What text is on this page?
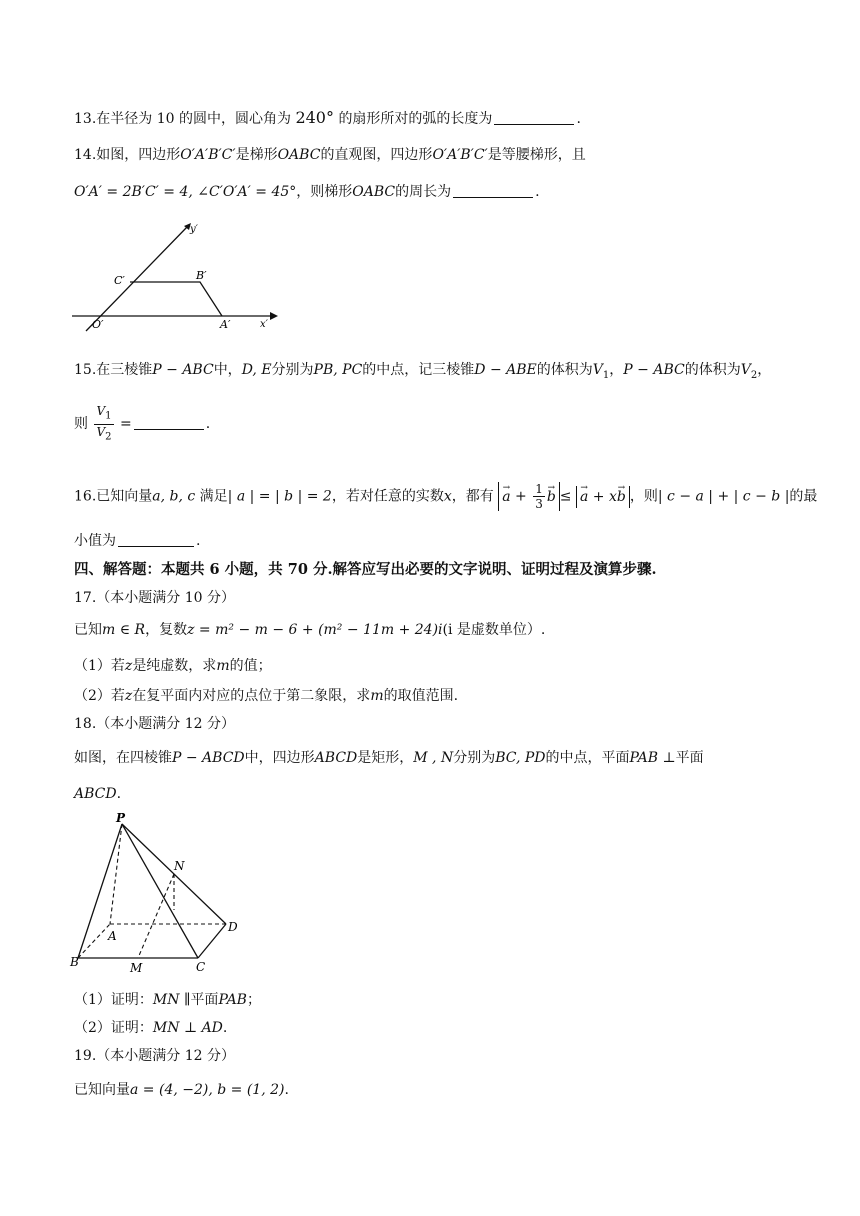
13.在半径为 10 的圆中，圆心角为 240° 的扇形所对的弧的长度为	.
14.如图，四边形O′A′B′C′是梯形OABC的直观图，四边形O′A′B′C′是等腰梯形，且
O′A′ = 2B′C′ = 4, ∠C′O′A′ = 45°，则梯形OABC的周长为	.
y′
x′
O′	A′
B′
C′
15.在三棱锥P − ABC中，D, E分别为PB, PC的中点，记三棱锥D − ABE的体积为$V_1$，P − ABC的体积为$V_2$，
则 $\frac{V_1}{V_2}$ =	.
16.已知向量a, b, c 满足| a | = | b | = 2，若对任意的实数x，都有 a → + $\frac{1}{3}$ b → ≤ a → + xb → ，则| c − a | + | c − b |的最
小值为	.
四、解答题：本题共 6 小题，共 70 分.解答应写出必要的文字说明、证明过程及演算步骤.
17.（本小题满分 10 分）
已知m ∈ R，复数z = m² − m − 6 + (m² − 11m + 24)i(i 是虚数单位）.
（1）若z是纯虚数，求m的值；
（2）若z在复平面内对应的点位于第二象限，求m的取值范围.
18.（本小题满分 12 分）
如图，在四棱锥P − ABCD中，四边形ABCD是矩形，M , N分别为BC, PD的中点，平面PAB ⊥平面
ABCD.
P
N
A
B	C
D
M
（1）证明：MN ∥平面PAB；
（2）证明：MN ⊥ AD.
19.（本小题满分 12 分）
已知向量a = (4, −2), b = (1, 2).
